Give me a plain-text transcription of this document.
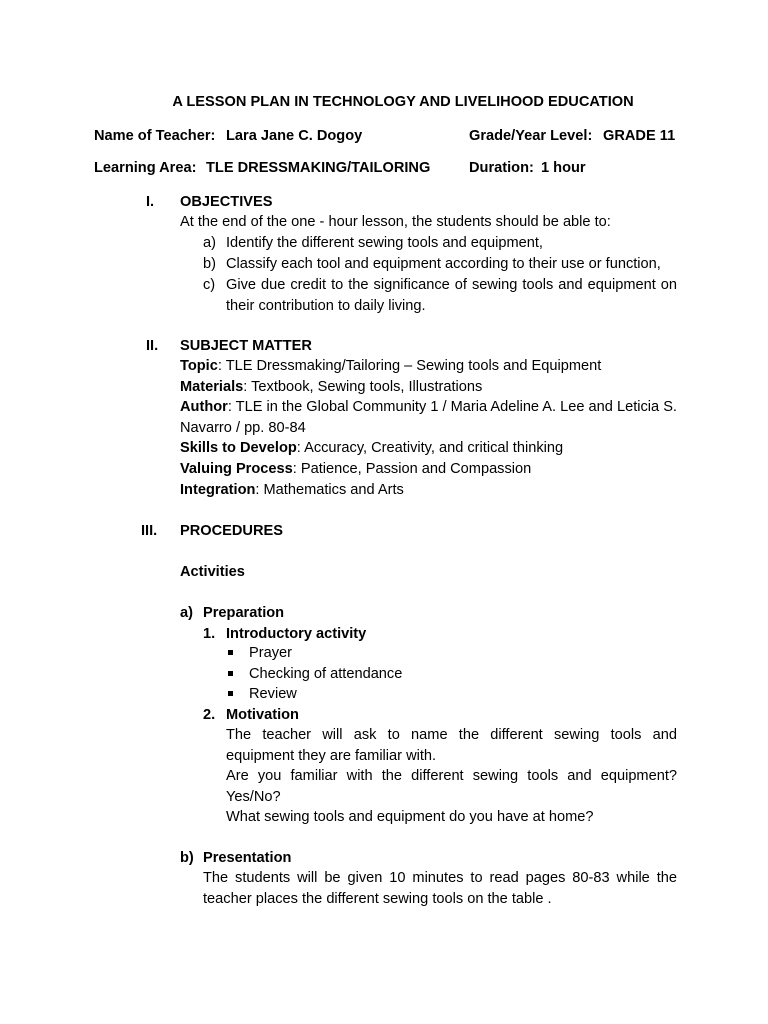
A LESSON PLAN IN TECHNOLOGY AND LIVELIHOOD EDUCATION
Name of Teacher: Lara Jane C. Dogoy	Grade/Year Level: GRADE 11
Learning Area: TLE DRESSMAKING/TAILORING	Duration: 1 hour
I. OBJECTIVES
At the end of the one - hour lesson, the students should be able to:
a) Identify the different sewing tools and equipment,
b) Classify each tool and equipment according to their use or function,
c) Give due credit to the significance of sewing tools and equipment on their contribution to daily living.
II. SUBJECT MATTER
Topic: TLE Dressmaking/Tailoring – Sewing tools and Equipment
Materials: Textbook, Sewing tools, Illustrations
Author: TLE in the Global Community 1 / Maria Adeline A. Lee and Leticia S. Navarro / pp. 80-84
Skills to Develop: Accuracy, Creativity, and critical thinking
Valuing Process: Patience, Passion and Compassion
Integration: Mathematics and Arts
III. PROCEDURES
Activities
a) Preparation
1. Introductory activity
Prayer
Checking of attendance
Review
2. Motivation
The teacher will ask to name the different sewing tools and equipment they are familiar with.
Are you familiar with the different sewing tools and equipment? Yes/No?
What sewing tools and equipment do you have at home?
b) Presentation
The students will be given 10 minutes to read pages 80-83 while the teacher places the different sewing tools on the table .
